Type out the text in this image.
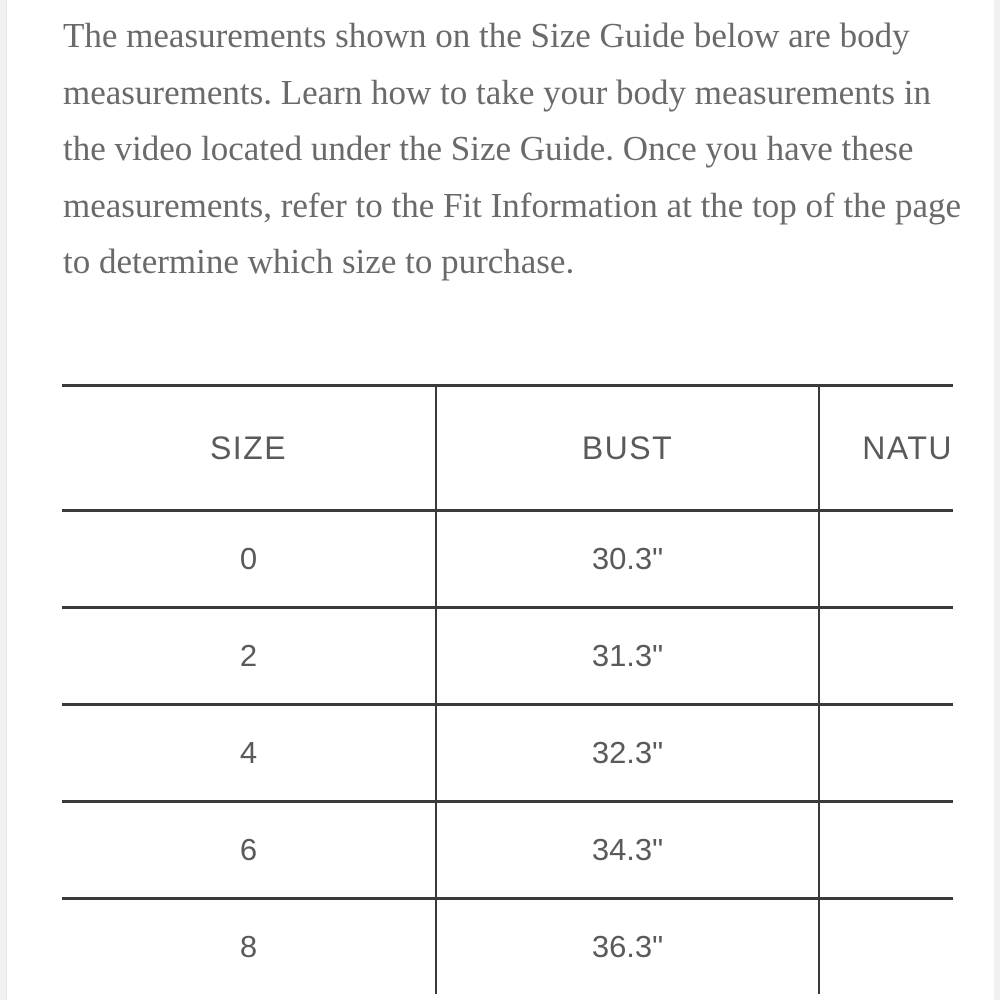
The measurements shown on the Size Guide below are body measurements. Learn how to take your body measurements in the video located under the Size Guide. Once you have these measurements, refer to the Fit Information at the top of the page to determine which size to purchase.

SIZE	BUST	NATU
0	30.3"	
2	31.3"	
4	32.3"	
6	34.3"	
8	36.3"	
